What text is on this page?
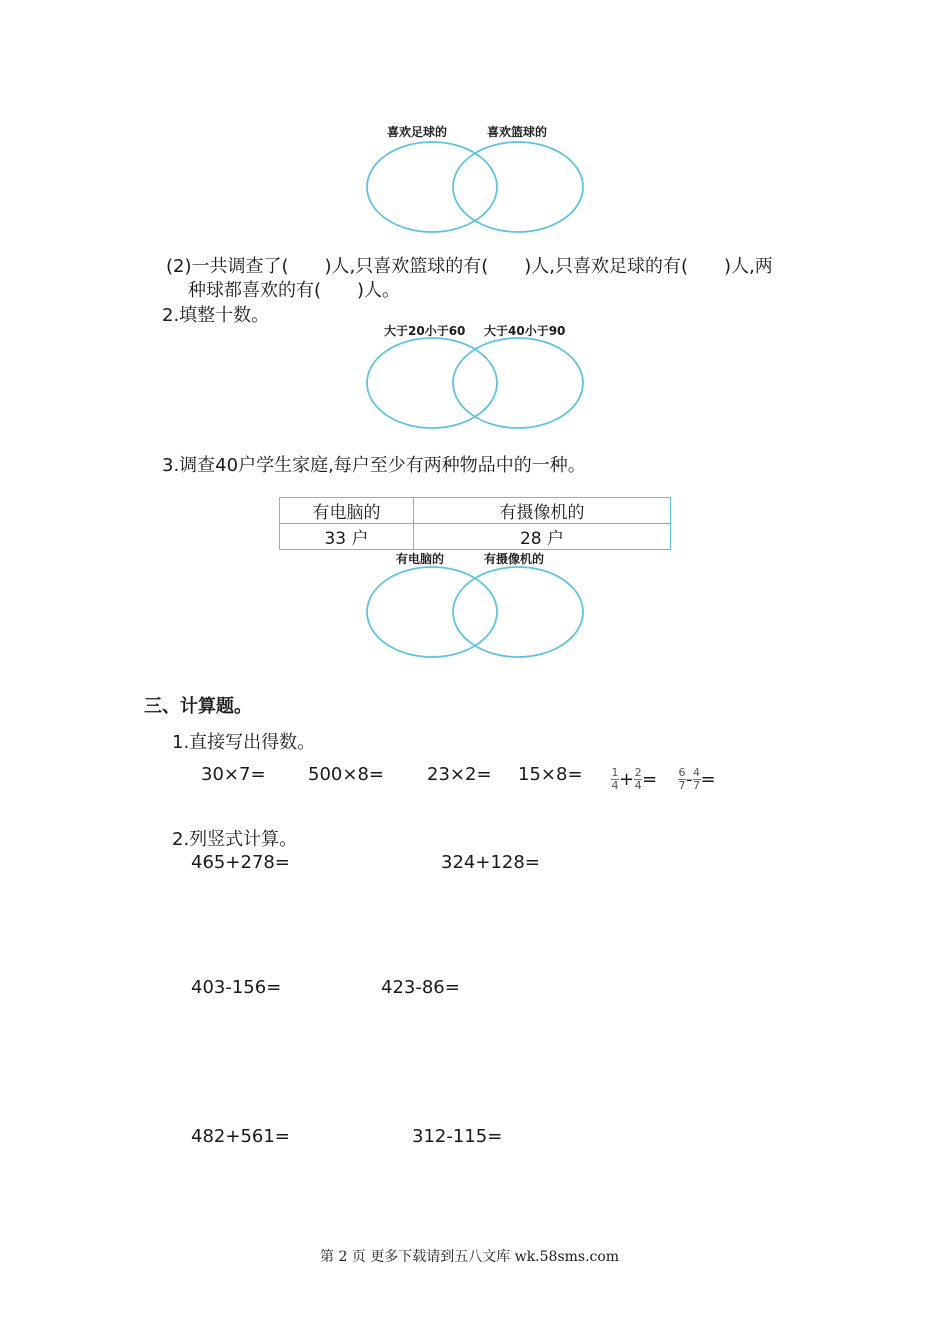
喜欢足球的	喜欢篮球的
(2)一共调查了(　　)人,只喜欢篮球的有(　　)人,只喜欢足球的有(　　)人,两
种球都喜欢的有(　　)人。
2.填整十数。
大于20小于60 大于40小于90
3.调查40户学生家庭,每户至少有两种物品中的一种。
有电脑的	有摄像机的
33 户	28 户
有电脑的	有摄像机的
三、计算题。
1.直接写出得数。
30×7= 500×8= 23×2= 15×8=	$\frac{1}{4} + \frac{2}{4} = \frac{6}{7} - \frac{4}{7}$ =
2.列竖式计算。
465+278=	324+128=
403-156=	423-86=
482+561=	312-115=
第 2 页 更多下载请到五八文库 wk.58sms.com
